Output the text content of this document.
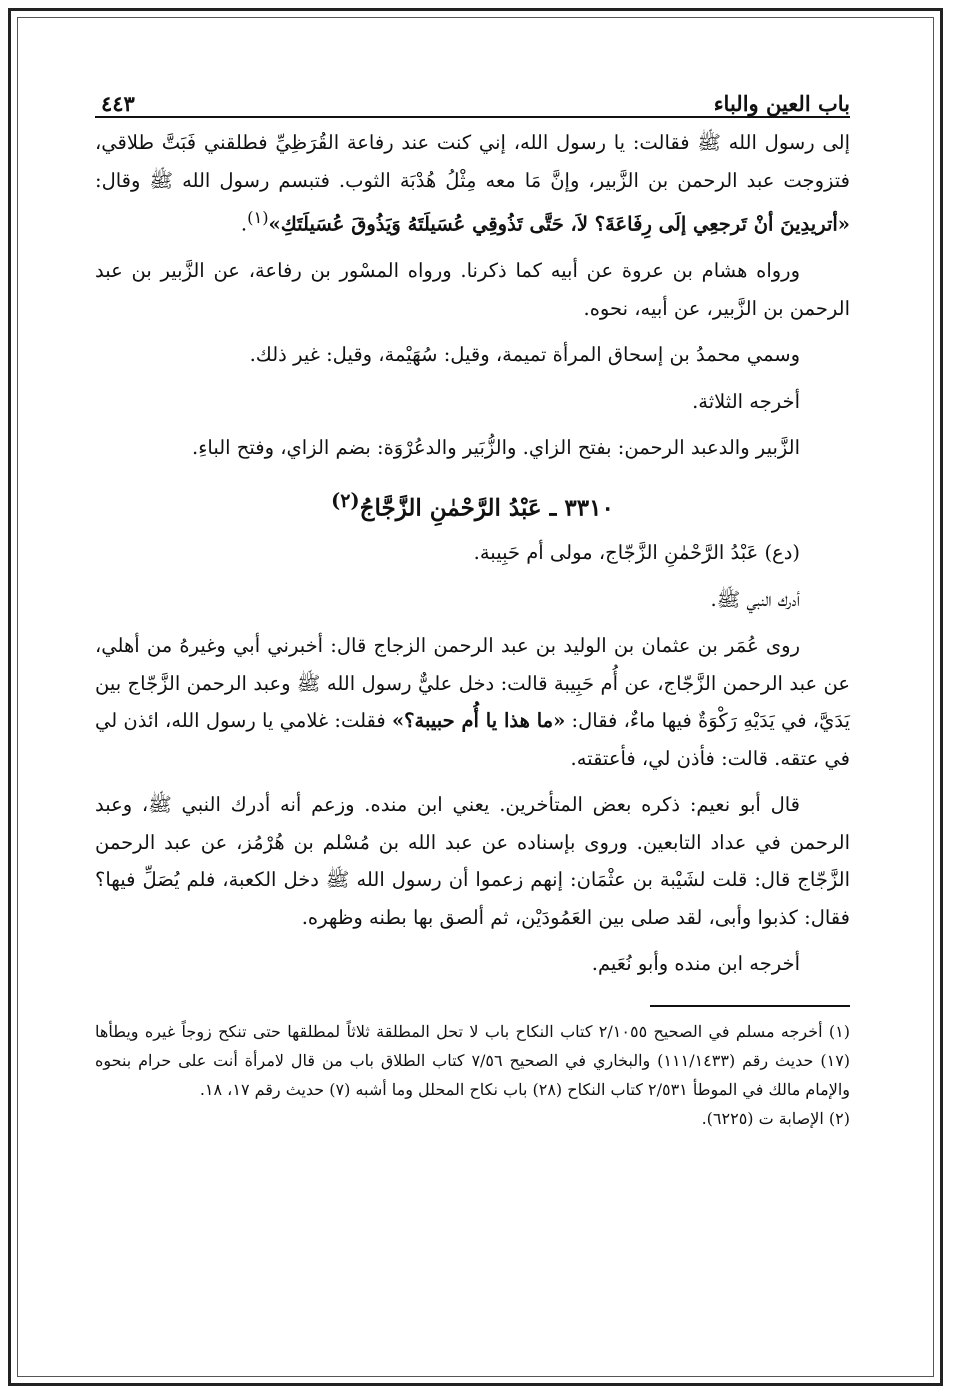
باب العين والباء
٤٤٣

إلى رسول الله ﷺ فقالت: يا رسول الله، إني كنت عند رفاعة القُرَظِيِّ فطلقني فَبَتَّ طلاقي، فتزوجت عبد الرحمن بن الزَّبير، وإنَّ مَا معه مِثْلُ هُدْبَة الثوب. فتبسم رسول الله ﷺ وقال: «أتريدِينَ أنْ تَرجعِي إلَى رِفَاعَةَ؟ لاَ، حَتَّى تَذُوقِي عُسَيلَتَهُ وَيَذُوقَ عُسَيلَتَكِ»$^{(١)}$.

ورواه هشام بن عروة عن أبيه كما ذكرنا. ورواه المسْور بن رفاعة، عن الزَّبير بن عبد الرحمن بن الزَّبير، عن أبيه، نحوه.

وسمي محمدُ بن إسحاق المرأة تميمة، وقيل: سُهَيْمة، وقيل: غير ذلك.

أخرجه الثلاثة.

الزَّبير والدعبد الرحمن: بفتح الزاي. والزُّبَير والدعُرْوَة: بضم الزاي، وفتح الباءِ.

٣٣١٠ ـ عَبْدُ الرَّحْمٰنِ الزَّجَّاجُ$^{(٢)}$

(دع) عَبْدُ الرَّحْمٰنِ الزَّجّاج، مولى أم حَبِيبة.

أدرك النبي ﷺ.

روى عُمَر بن عثمان بن الوليد بن عبد الرحمن الزجاج قال: أخبرني أبي وغيرهُ من أهلي، عن عبد الرحمن الزَّجّاج، عن أُم حَبِيبة قالت: دخل عليٌّ رسول الله ﷺ وعبد الرحمن الزَّجّاج بين يَدَيَّ، في يَدَيْهِ رَكْوَةٌ فيها ماءٌ، فقال: «ما هذا يا أُم حبيبة؟» فقلت: غلامي يا رسول الله، ائذن لي في عتقه. قالت: فأذن لي، فأعتقته.

قال أبو نعيم: ذكره بعض المتأخرين. يعني ابن منده. وزعم أنه أدرك النبي ﷺ، وعبد الرحمن في عداد التابعين. وروى بإسناده عن عبد الله بن مُسْلم بن هُرْمُز، عن عبد الرحمن الزَّجّاج قال: قلت لشَيْبة بن عثْمَان: إنهم زعموا أن رسول الله ﷺ دخل الكعبة، فلم يُصَلِّ فيها؟ فقال: كذبوا وأبى، لقد صلى بين العَمُودَيْن، ثم ألصق بها بطنه وظهره.

أخرجه ابن منده وأبو نُعَيم.

(١) أخرجه مسلم في الصحيح ٢/١٠٥٥ كتاب النكاح باب لا تحل المطلقة ثلاثاً لمطلقها حتى تنكح زوجاً غيره ويطأها (١٧) حديث رقم (١١١/١٤٣٣) والبخاري في الصحيح ٧/٥٦ كتاب الطلاق باب من قال لامرأة أنت على حرام بنحوه والإمام مالك في الموطأ ٢/٥٣١ كتاب النكاح (٢٨) باب نكاح المحلل وما أشبه (٧) حديث رقم ١٧، ١٨.

(٢) الإصابة ت (٦٢٢٥).
